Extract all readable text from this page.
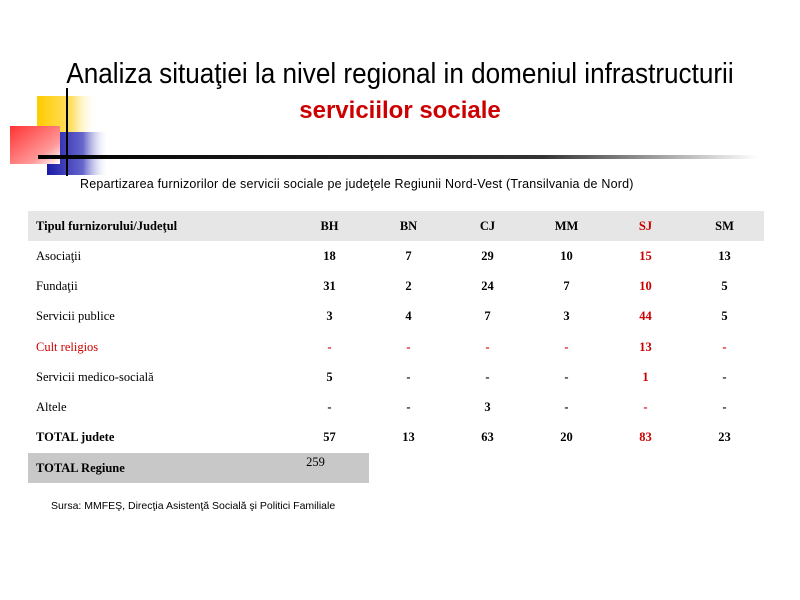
Analiza situaţiei la nivel regional in domeniul infrastructurii
serviciilor sociale
Repartizarea furnizorilor de servicii sociale pe judeţele Regiunii Nord-Vest (Transilvania de Nord)
Tipul furnizorului/Judeţul	BH	BN	CJ	MM	SJ	SM
Asociaţii	18	7	29	10	15	13
Fundaţii	31	2	24	7	10	5
Servicii publice	3	4	7	3	44	5
Cult religios	-	-	-	-	13	-
Servicii medico-socială	5	-	-	-	1	-
Altele	-	-	3	-	-	-
TOTAL judete	57	13	63	20	83	23
TOTAL Regiune	259					
Sursa: MMFEŞ, Direcţia Asistenţă Socială şi Politici Familiale
